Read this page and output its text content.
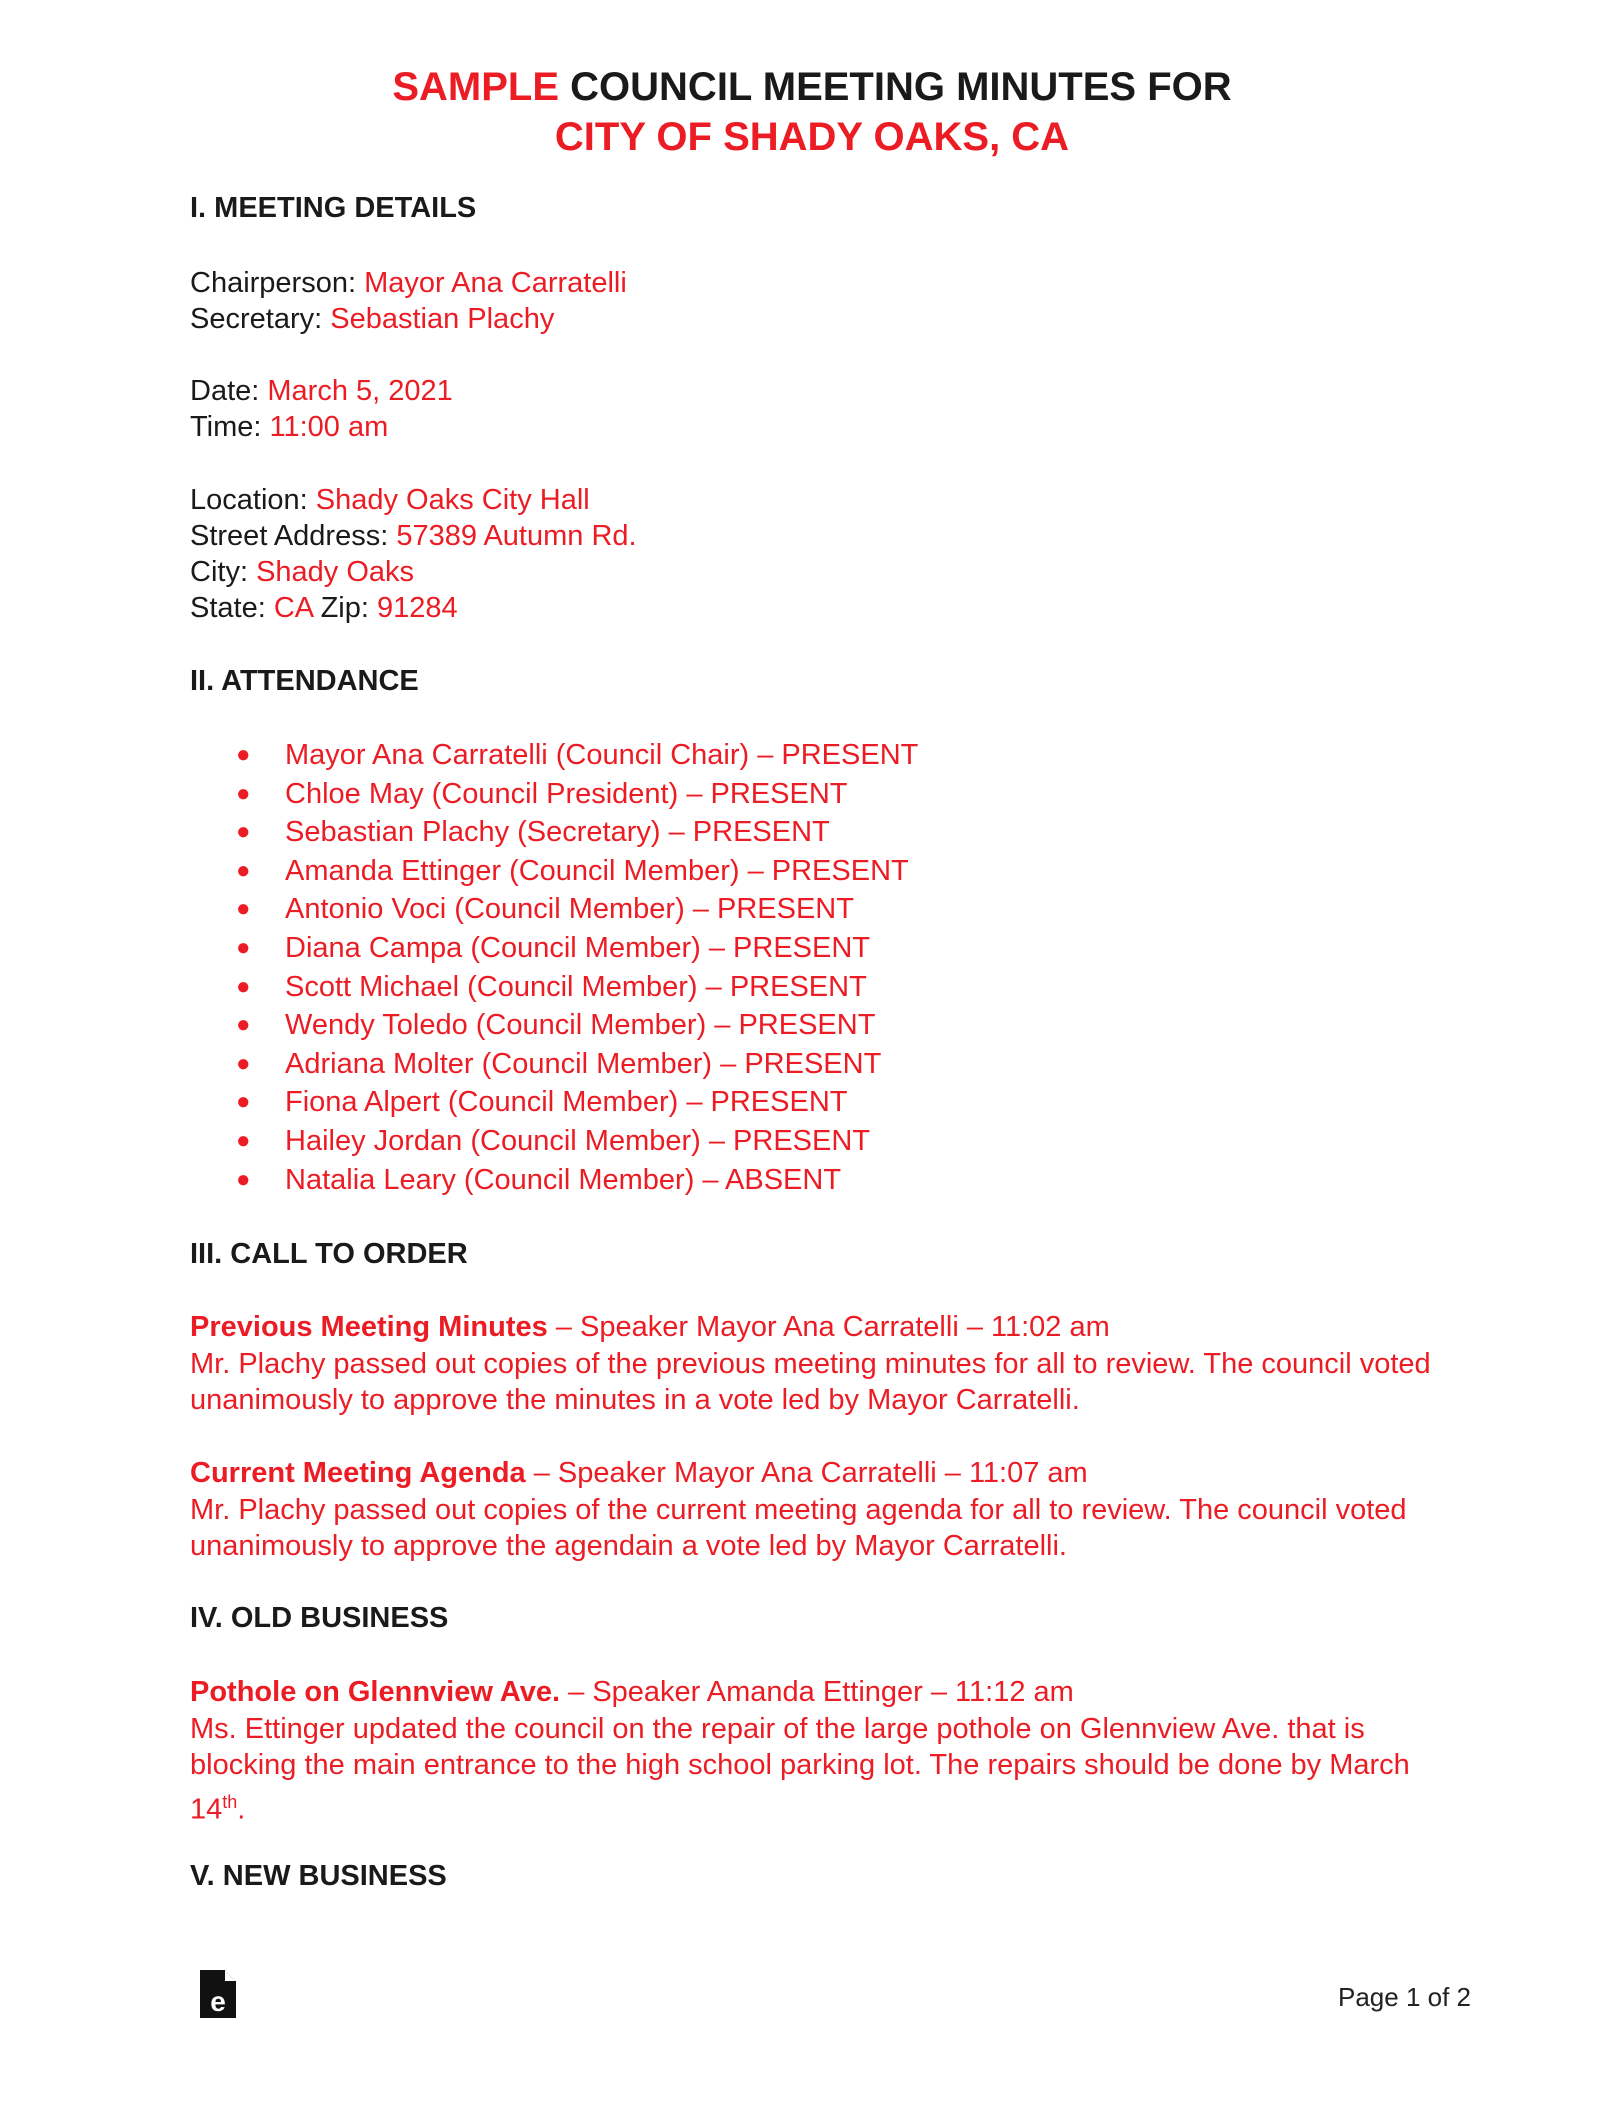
SAMPLE COUNCIL MEETING MINUTES FOR
CITY OF SHADY OAKS, CA
I. MEETING DETAILS
Chairperson: Mayor Ana Carratelli
Secretary: Sebastian Plachy
Date: March 5, 2021
Time: 11:00 am
Location: Shady Oaks City Hall
Street Address: 57389 Autumn Rd.
City: Shady Oaks
State: CA Zip: 91284
II. ATTENDANCE
● Mayor Ana Carratelli (Council Chair) – PRESENT
● Chloe May (Council President) – PRESENT
● Sebastian Plachy (Secretary) – PRESENT
● Amanda Ettinger (Council Member) – PRESENT
● Antonio Voci (Council Member) – PRESENT
● Diana Campa (Council Member) – PRESENT
● Scott Michael (Council Member) – PRESENT
● Wendy Toledo (Council Member) – PRESENT
● Adriana Molter (Council Member) – PRESENT
● Fiona Alpert (Council Member) – PRESENT
● Hailey Jordan (Council Member) – PRESENT
● Natalia Leary (Council Member) – ABSENT
III. CALL TO ORDER
Previous Meeting Minutes – Speaker Mayor Ana Carratelli – 11:02 am
Mr. Plachy passed out copies of the previous meeting minutes for all to review. The council voted unanimously to approve the minutes in a vote led by Mayor Carratelli.
Current Meeting Agenda – Speaker Mayor Ana Carratelli – 11:07 am
Mr. Plachy passed out copies of the current meeting agenda for all to review. The council voted unanimously to approve the agendain a vote led by Mayor Carratelli.
IV. OLD BUSINESS
Pothole on Glennview Ave. – Speaker Amanda Ettinger – 11:12 am
Ms. Ettinger updated the council on the repair of the large pothole on Glennview Ave. that is blocking the main entrance to the high school parking lot. The repairs should be done by March 14th.
V. NEW BUSINESS
e	Page 1 of 2
